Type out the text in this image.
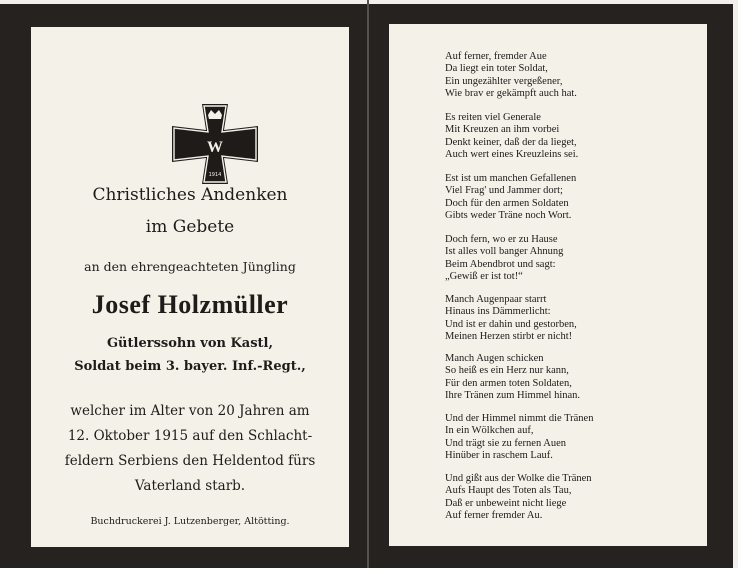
W
1914
Christliches Andenken
im Gebete
an den ehrengeachteten Jüngling
Josef Holzmüller
Gütlerssohn von Kastl,
Soldat beim 3. bayer. Inf.-Regt.,
welcher im Alter von 20 Jahren am
12. Oktober 1915 auf den Schlacht-
feldern Serbiens den Heldentod fürs
Vaterland starb.
Buchdruckerei J. Lutzenberger, Altötting.
Auf ferner, fremder Aue
Da liegt ein toter Soldat,
Ein ungezählter vergeßener,
Wie brav er gekämpft auch hat.
Es reiten viel Generale
Mit Kreuzen an ihm vorbei
Denkt keiner, daß der da lieget,
Auch wert eines Kreuzleins sei.
Est ist um manchen Gefallenen
Viel Frag' und Jammer dort;
Doch für den armen Soldaten
Gibts weder Träne noch Wort.
Doch fern, wo er zu Hause
Ist alles voll banger Ahnung
Beim Abendbrot und sagt:
„Gewiß er ist tot!“
Manch Augenpaar starrt
Hinaus ins Dämmerlicht:
Und ist er dahin und gestorben,
Meinen Herzen stirbt er nicht!
Manch Augen schicken
So heiß es ein Herz nur kann,
Für den armen toten Soldaten,
Ihre Tränen zum Himmel hinan.
Und der Himmel nimmt die Tränen
In ein Wölkchen auf,
Und trägt sie zu fernen Auen
Hinüber in raschem Lauf.
Und gißt aus der Wolke die Tränen
Aufs Haupt des Toten als Tau,
Daß er unbeweint nicht liege
Auf ferner fremder Au.
